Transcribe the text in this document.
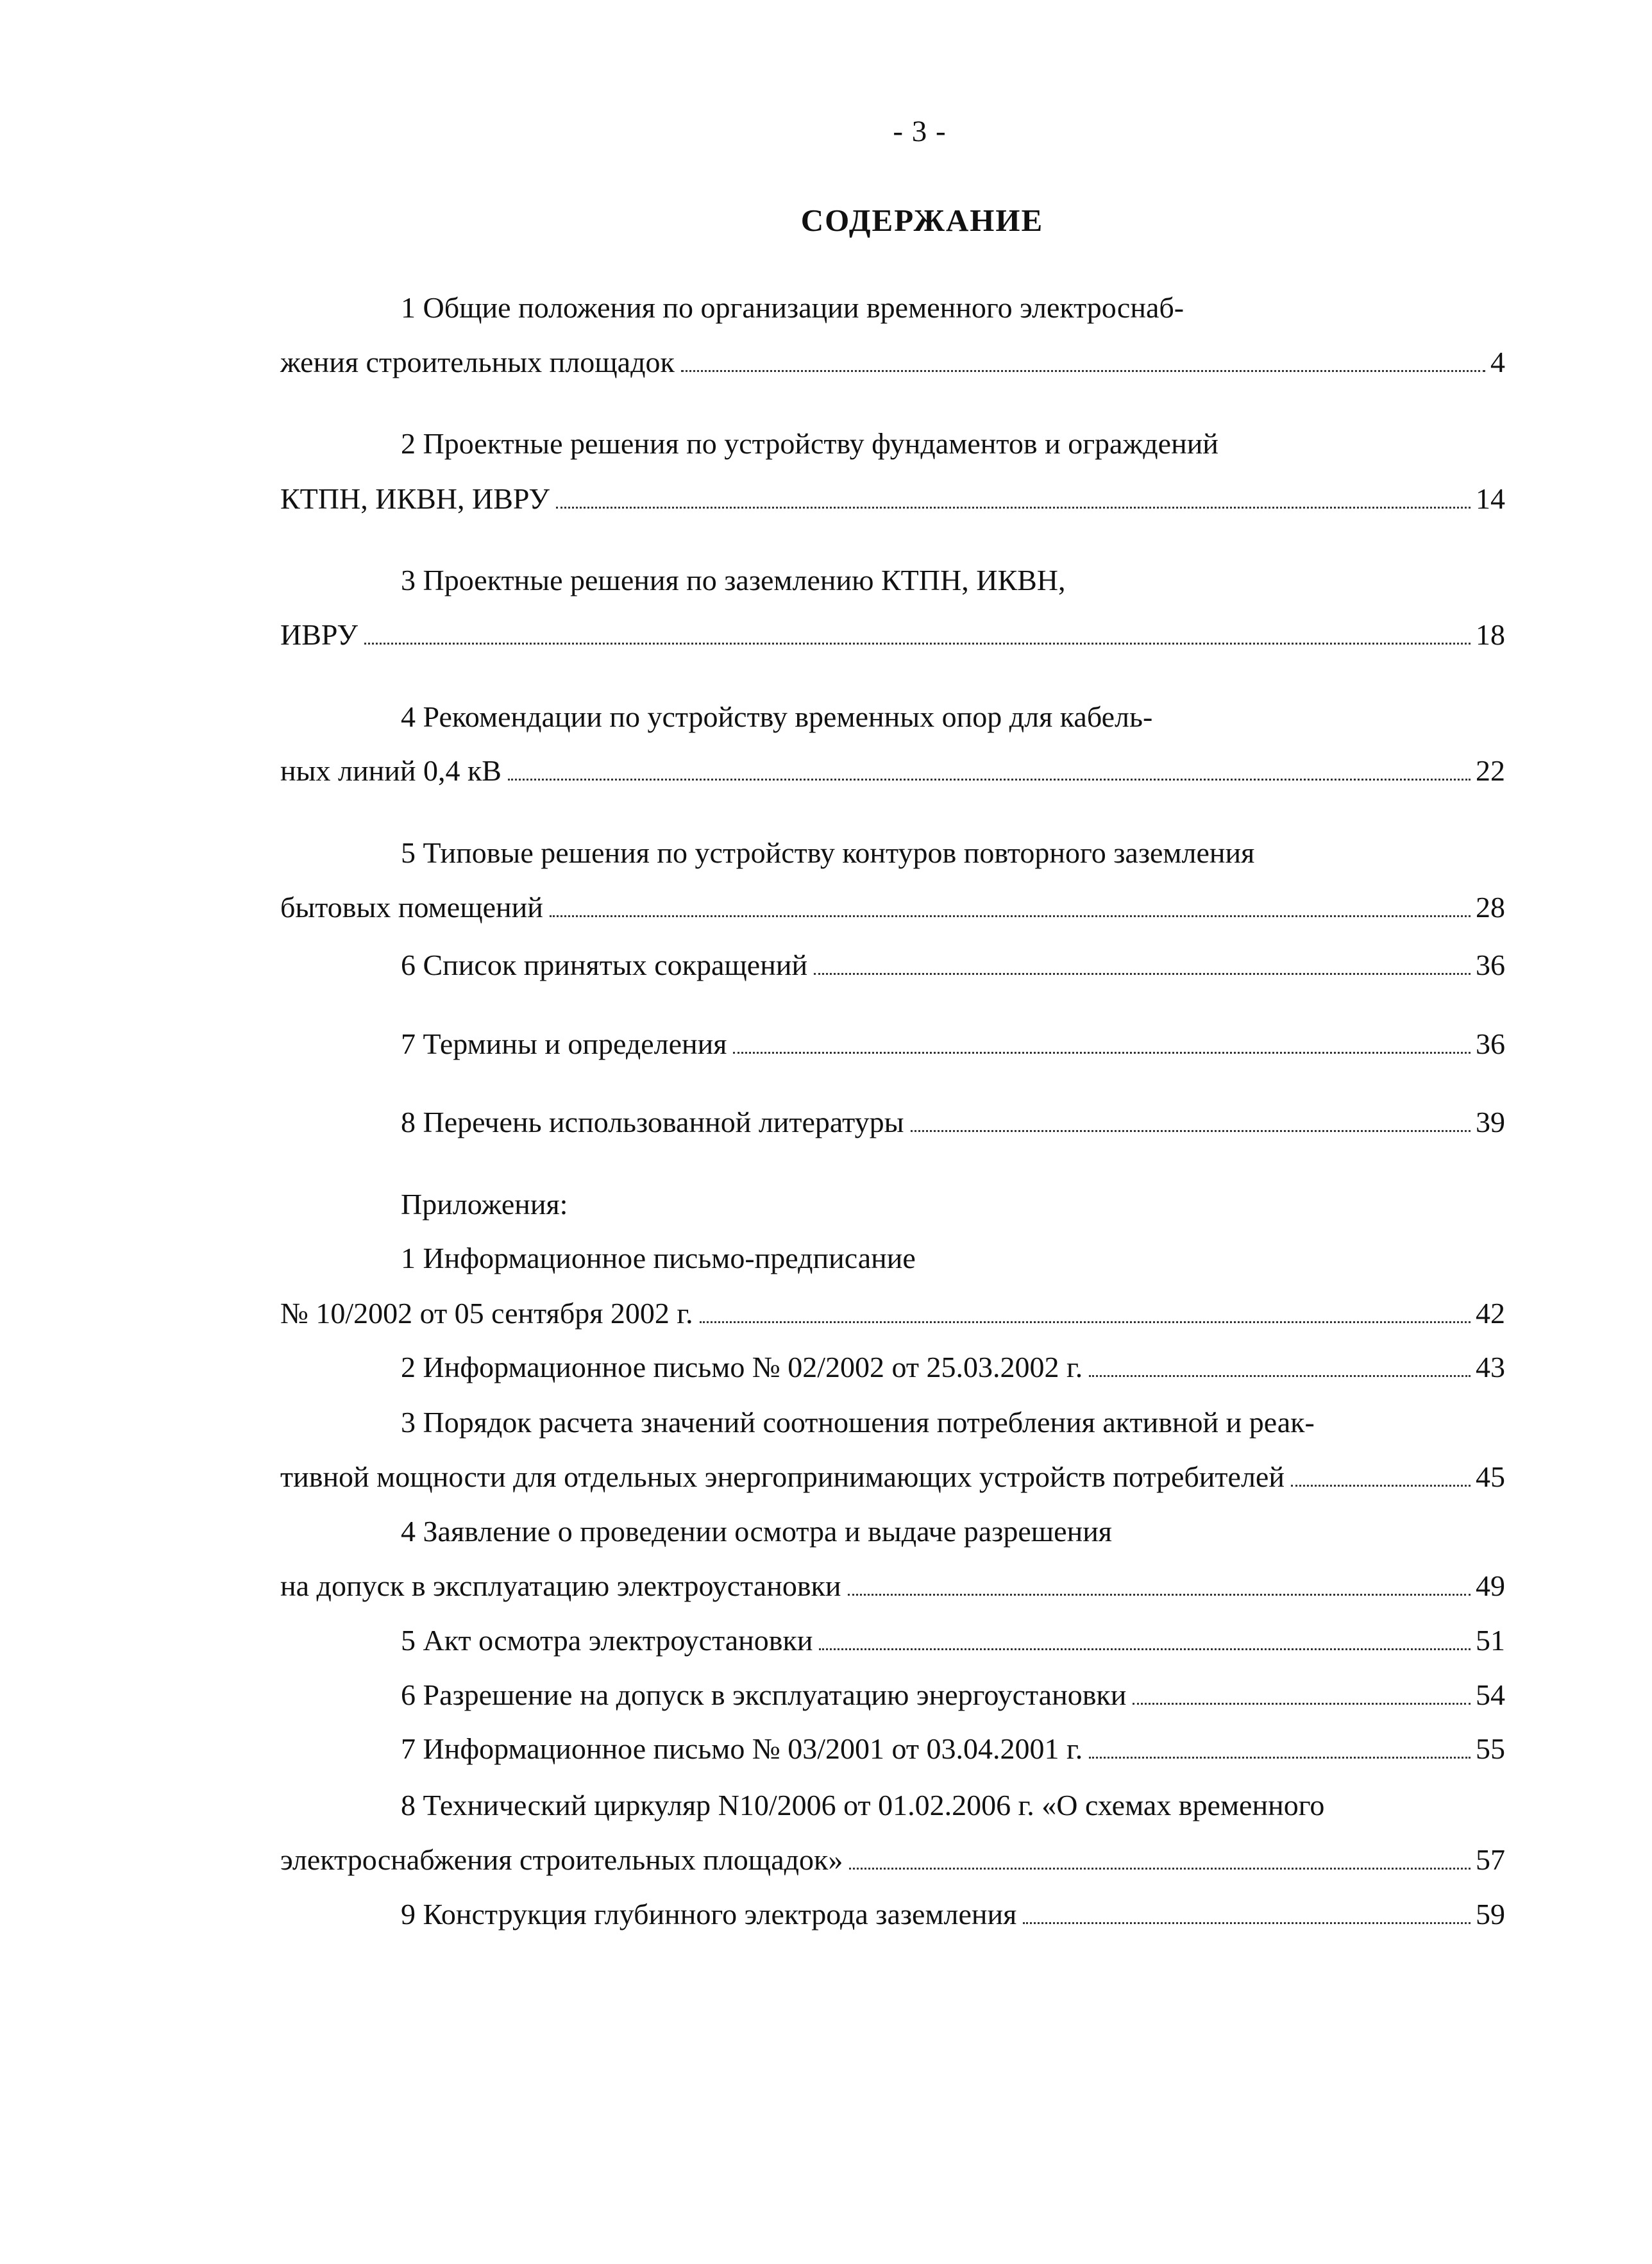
- 3 -
СОДЕРЖАНИЕ
1 Общие положения по организации временного электроснаб-
жения строительных площадок	4
2 Проектные решения по устройству фундаментов и ограждений
КТПН, ИКВН, ИВРУ	14
3 Проектные решения по заземлению КТПН, ИКВН,
ИВРУ	18
4 Рекомендации по устройству временных опор для кабель-
ных линий 0,4 кВ	22
5 Типовые решения по устройству контуров повторного заземления
бытовых помещений	28
6 Список принятых сокращений	36
7 Термины и определения	36
8 Перечень использованной литературы	39
Приложения:
1 Информационное письмо-предписание
№ 10/2002 от 05 сентября 2002 г.	42
2 Информационное письмо № 02/2002 от 25.03.2002 г.	43
3 Порядок расчета значений соотношения потребления активной и реак-
тивной мощности для отдельных энергопринимающих устройств потребителей	45
4 Заявление о проведении осмотра и выдаче разрешения
на допуск в эксплуатацию электроустановки	49
5 Акт осмотра электроустановки	51
6 Разрешение на допуск в эксплуатацию энергоустановки	54
7 Информационное письмо № 03/2001 от 03.04.2001 г.	55
8 Технический циркуляр N10/2006 от 01.02.2006 г. «О схемах временного
электроснабжения строительных площадок»	57
9 Конструкция глубинного электрода заземления	59
